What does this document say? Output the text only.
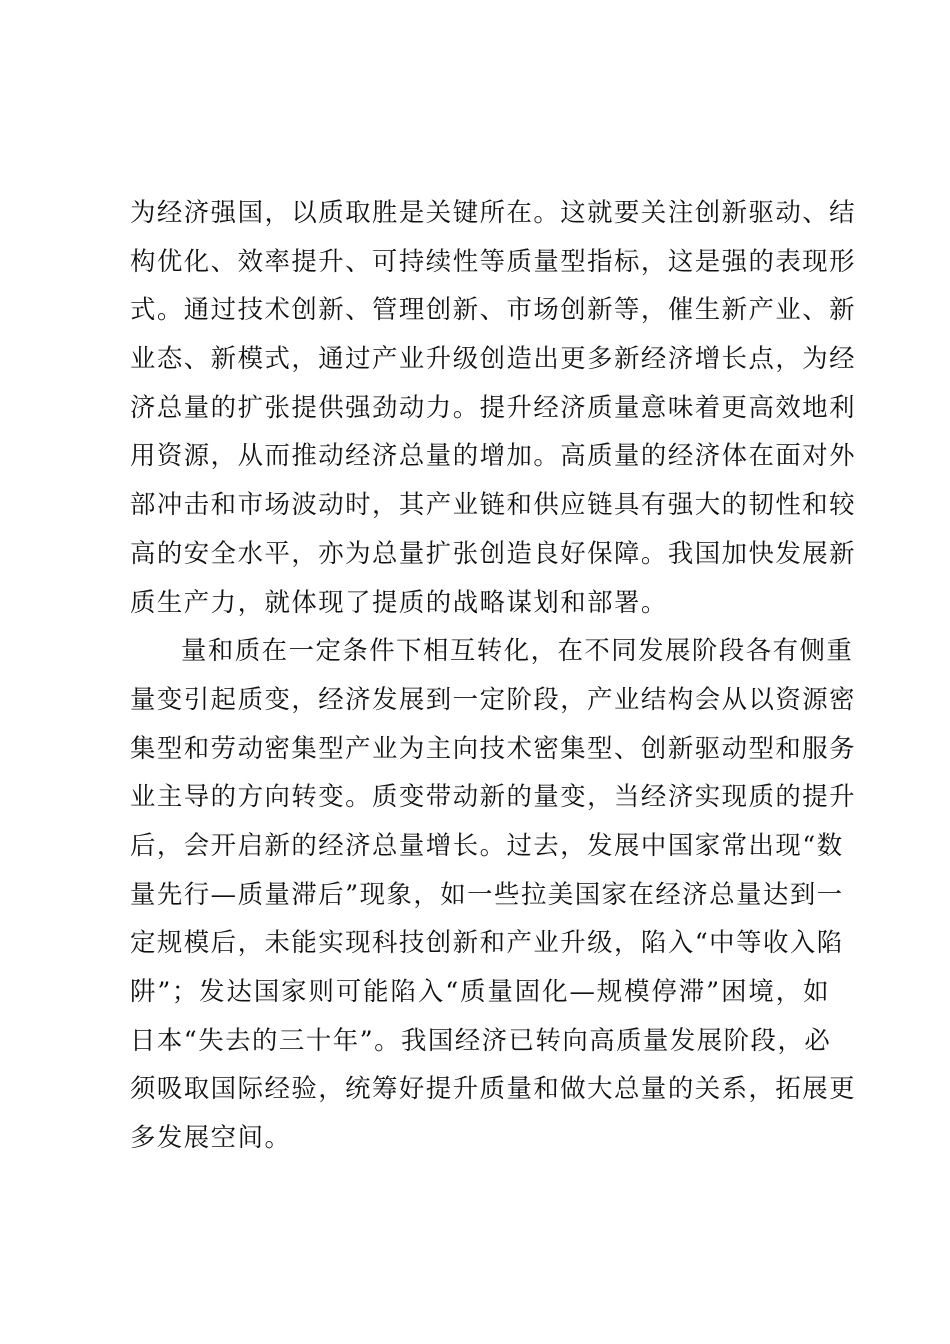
为经济强国，以质取胜是关键所在。这就要关注创新驱动、结
构优化、效率提升、可持续性等质量型指标，这是强的表现形
式。通过技术创新、管理创新、市场创新等，催生新产业、新
业态、新模式，通过产业升级创造出更多新经济增长点，为经
济总量的扩张提供强劲动力。提升经济质量意味着更高效地利
用资源，从而推动经济总量的增加。高质量的经济体在面对外
部冲击和市场波动时，其产业链和供应链具有强大的韧性和较
高的安全水平，亦为总量扩张创造良好保障。我国加快发展新
质生产力，就体现了提质的战略谋划和部署。
量和质在一定条件下相互转化，在不同发展阶段各有侧重
量变引起质变，经济发展到一定阶段，产业结构会从以资源密
集型和劳动密集型产业为主向技术密集型、创新驱动型和服务
业主导的方向转变。质变带动新的量变，当经济实现质的提升
后，会开启新的经济总量增长。过去，发展中国家常出现“数
量先行—质量滞后”现象，如一些拉美国家在经济总量达到一
定规模后，未能实现科技创新和产业升级，陷入“中等收入陷
阱”；发达国家则可能陷入“质量固化—规模停滞”困境，如
日本“失去的三十年”。我国经济已转向高质量发展阶段，必
须吸取国际经验，统筹好提升质量和做大总量的关系，拓展更
多发展空间。
